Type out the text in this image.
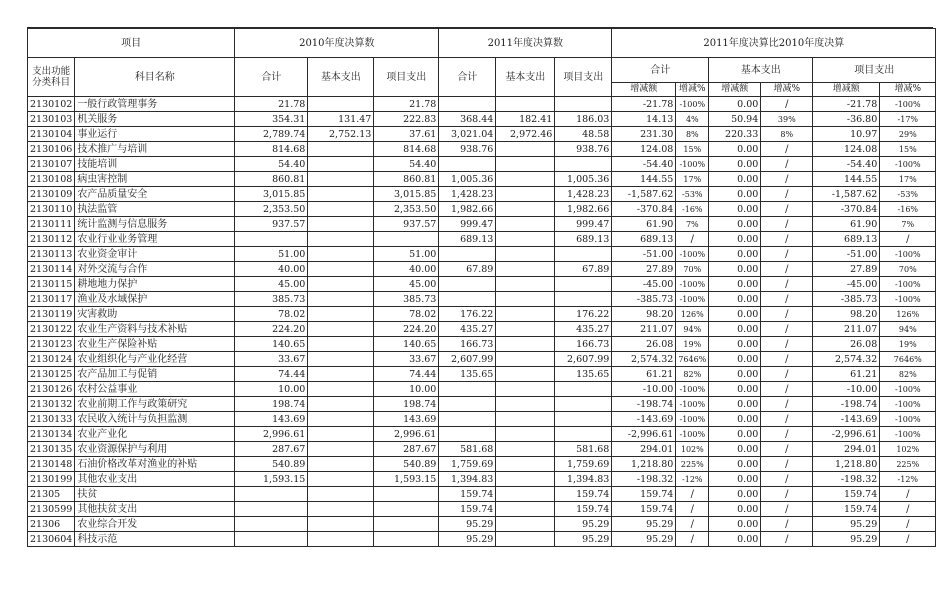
项目		2010年度决算数			2011年度决算数			2011年度决算比2010年度决算					
支出功能分类科目	科目名称	合计	基本支出	项目支出	合计	基本支出	项目支出	合计		基本支出		项目支出	
								增减额	增减%	增减额	增减%	增减额	增减%
2130102	一般行政管理事务	21.78		21.78				-21.78	-100%	0.00	/	-21.78	-100%
2130103	机关服务	354.31	131.47	222.83	368.44	182.41	186.03	14.13	4%	50.94	39%	-36.80	-17%
2130104	事业运行	2,789.74	2,752.13	37.61	3,021.04	2,972.46	48.58	231.30	8%	220.33	8%	10.97	29%
2130106	技术推广与培训	814.68		814.68	938.76		938.76	124.08	15%	0.00	/	124.08	15%
2130107	技能培训	54.40		54.40				-54.40	-100%	0.00	/	-54.40	-100%
2130108	病虫害控制	860.81		860.81	1,005.36		1,005.36	144.55	17%	0.00	/	144.55	17%
2130109	农产品质量安全	3,015.85		3,015.85	1,428.23		1,428.23	-1,587.62	-53%	0.00	/	-1,587.62	-53%
2130110	执法监管	2,353.50		2,353.50	1,982.66		1,982.66	-370.84	-16%	0.00	/	-370.84	-16%
2130111	统计监测与信息服务	937.57		937.57	999.47		999.47	61.90	7%	0.00	/	61.90	7%
2130112	农业行业业务管理				689.13		689.13	689.13	/	0.00	/	689.13	/
2130113	农业资金审计	51.00		51.00				-51.00	-100%	0.00	/	-51.00	-100%
2130114	对外交流与合作	40.00		40.00	67.89		67.89	27.89	70%	0.00	/	27.89	70%
2130115	耕地地力保护	45.00		45.00				-45.00	-100%	0.00	/	-45.00	-100%
2130117	渔业及水域保护	385.73		385.73				-385.73	-100%	0.00	/	-385.73	-100%
2130119	灾害救助	78.02		78.02	176.22		176.22	98.20	126%	0.00	/	98.20	126%
2130122	农业生产资料与技术补贴	224.20		224.20	435.27		435.27	211.07	94%	0.00	/	211.07	94%
2130123	农业生产保险补贴	140.65		140.65	166.73		166.73	26.08	19%	0.00	/	26.08	19%
2130124	农业组织化与产业化经营	33.67		33.67	2,607.99		2,607.99	2,574.32	7646%	0.00	/	2,574.32	7646%
2130125	农产品加工与促销	74.44		74.44	135.65		135.65	61.21	82%	0.00	/	61.21	82%
2130126	农村公益事业	10.00		10.00				-10.00	-100%	0.00	/	-10.00	-100%
2130132	农业前期工作与政策研究	198.74		198.74				-198.74	-100%	0.00	/	-198.74	-100%
2130133	农民收入统计与负担监测	143.69		143.69				-143.69	-100%	0.00	/	-143.69	-100%
2130134	农业产业化	2,996.61		2,996.61				-2,996.61	-100%	0.00	/	-2,996.61	-100%
2130135	农业资源保护与利用	287.67		287.67	581.68		581.68	294.01	102%	0.00	/	294.01	102%
2130148	石油价格改革对渔业的补贴	540.89		540.89	1,759.69		1,759.69	1,218.80	225%	0.00	/	1,218.80	225%
2130199	其他农业支出	1,593.15		1,593.15	1,394.83		1,394.83	-198.32	-12%	0.00	/	-198.32	-12%
21305	扶贫				159.74		159.74	159.74	/	0.00	/	159.74	/
2130599	其他扶贫支出				159.74		159.74	159.74	/	0.00	/	159.74	/
21306	农业综合开发				95.29		95.29	95.29	/	0.00	/	95.29	/
2130604	科技示范				95.29		95.29	95.29	/	0.00	/	95.29	/
